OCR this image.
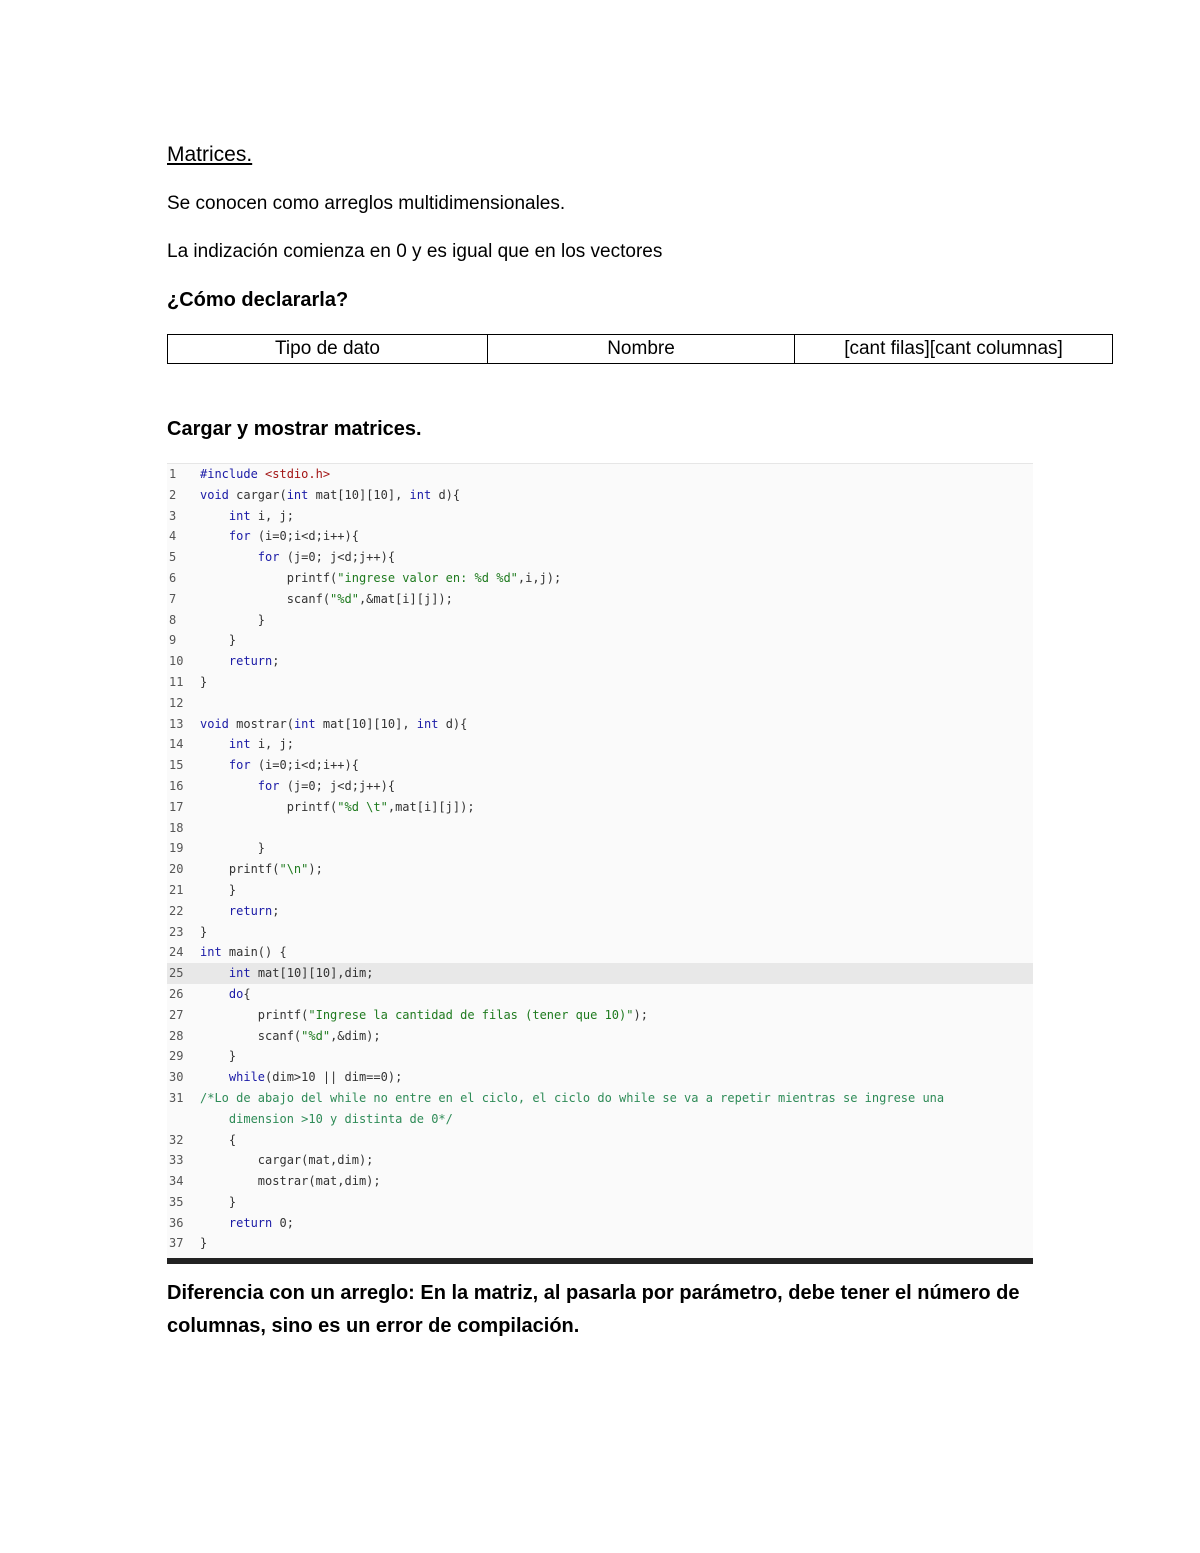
Matrices.

Se conocen como arreglos multidimensionales.

La indización comienza en 0 y es igual que en los vectores

¿Cómo declararla?
Tipo de dato	Nombre	[cant filas][cant columnas]
Cargar y mostrar matrices.
1	#include <stdio.h>
2	void cargar(int mat[10][10], int d){
3	int i, j;
4	for (i=0;i<d;i++){
5	for (j=0; j<d;j++){
6	printf("ingrese valor en: %d %d",i,j);
7	scanf("%d",&mat[i][j]);
8	}
9	}
10	return;
11	}
12
13	void mostrar(int mat[10][10], int d){
14	int i, j;
15	for (i=0;i<d;i++){
16	for (j=0; j<d;j++){
17	printf("%d \t",mat[i][j]);
18
19	}
20	printf("\n");
21	}
22	return;
23	}
24	int main() {
25	int mat[10][10],dim;
26	do{
27	printf("Ingrese la cantidad de filas (tener que 10)");
28	scanf("%d",&dim);
29	}
30	while(dim>10 || dim==0);
31	/*Lo de abajo del while no entre en el ciclo, el ciclo do while se va a repetir mientras se ingrese una
dimension >10 y distinta de 0*/
32	{
33	cargar(mat,dim);
34	mostrar(mat,dim);
35	}
36	return 0;
37	}

Diferencia con un arreglo: En la matriz, al pasarla por parámetro, debe tener el número de columnas, sino es un error de compilación.
